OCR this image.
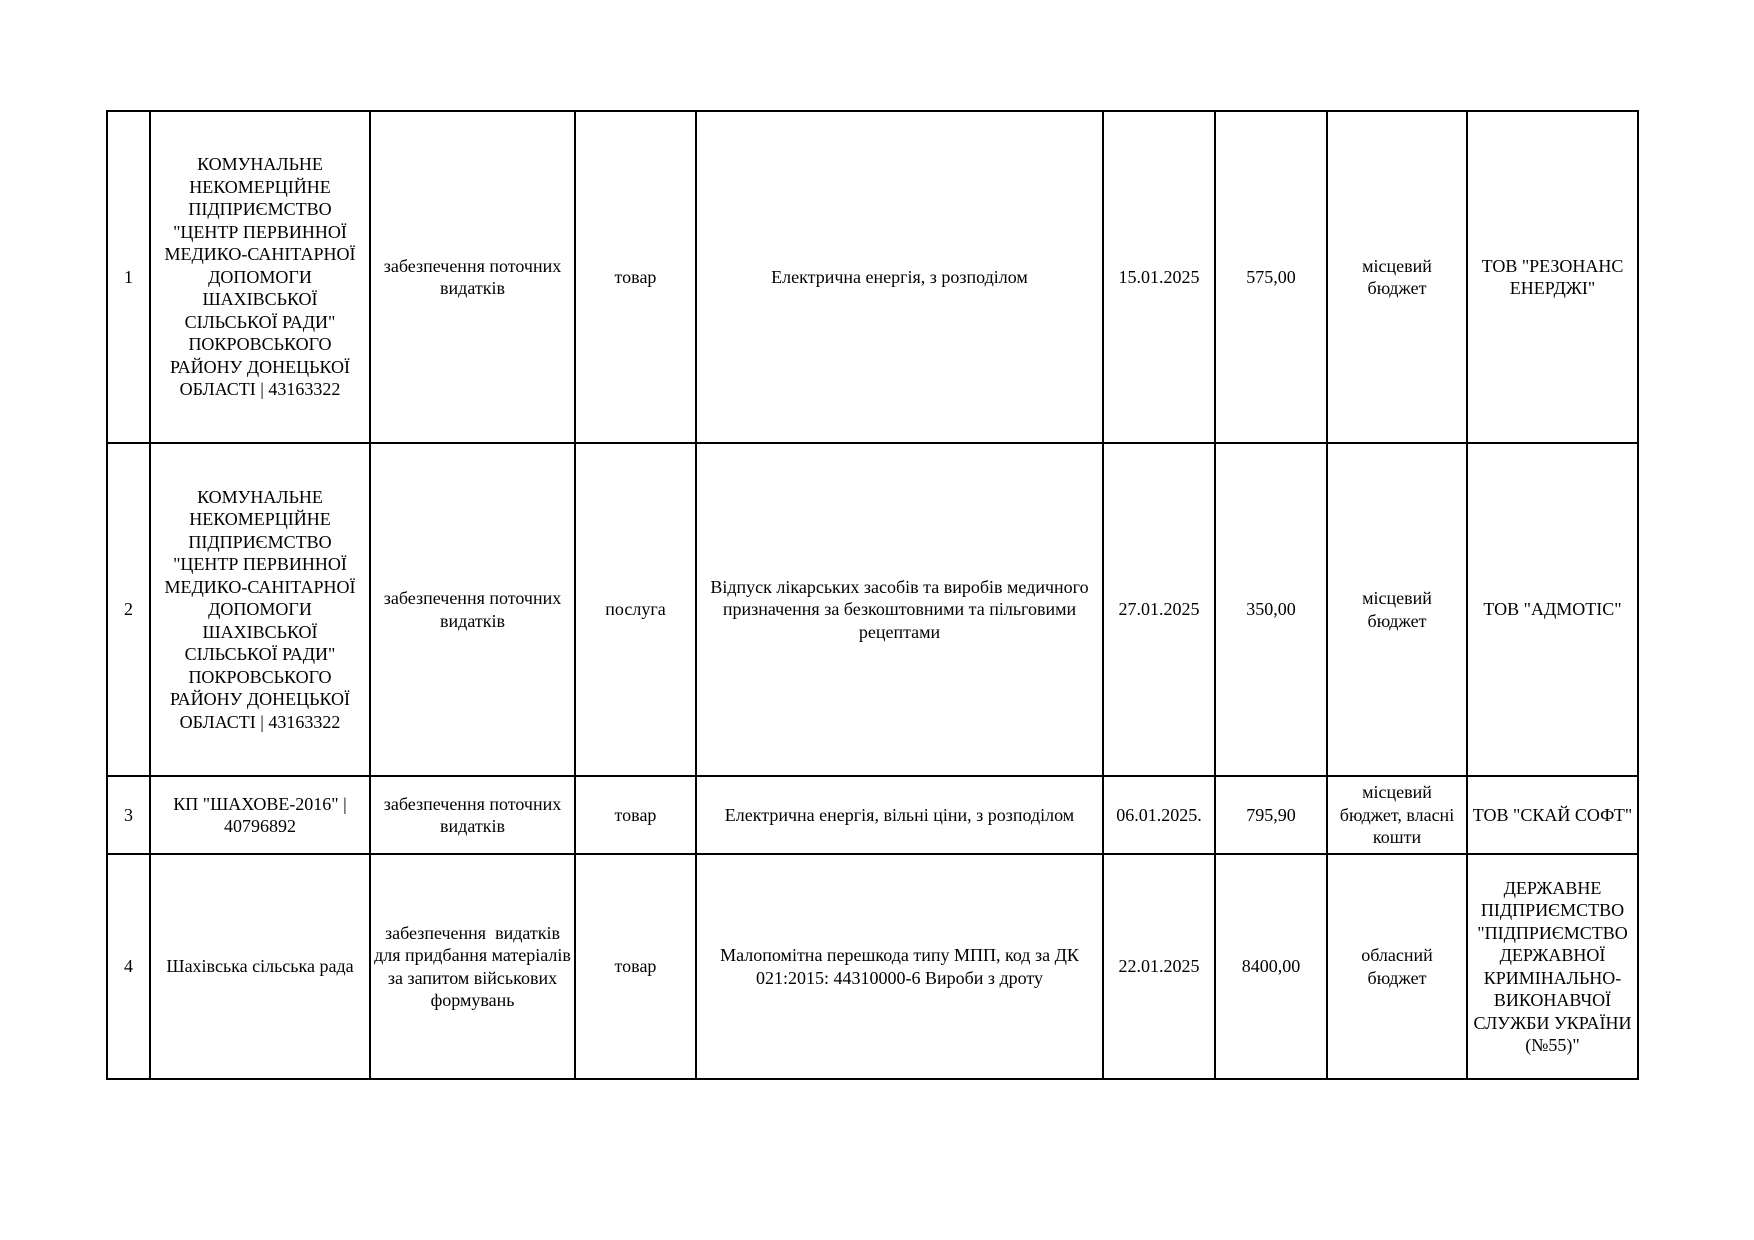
1	КОМУНАЛЬНЕ НЕКОМЕРЦІЙНЕ ПІДПРИЄМСТВО "ЦЕНТР ПЕРВИННОЇ МЕДИКО-САНІТАРНОЇ ДОПОМОГИ ШАХІВСЬКОЇ СІЛЬСЬКОЇ РАДИ" ПОКРОВСЬКОГО РАЙОНУ ДОНЕЦЬКОЇ ОБЛАСТІ | 43163322	забезпечення поточних видатків	товар	Електрична енергія, з розподілом	15.01.2025	575,00	місцевий бюджет	ТОВ "РЕЗОНАНС ЕНЕРДЖІ"
2	КОМУНАЛЬНЕ НЕКОМЕРЦІЙНЕ ПІДПРИЄМСТВО "ЦЕНТР ПЕРВИННОЇ МЕДИКО-САНІТАРНОЇ ДОПОМОГИ ШАХІВСЬКОЇ СІЛЬСЬКОЇ РАДИ" ПОКРОВСЬКОГО РАЙОНУ ДОНЕЦЬКОЇ ОБЛАСТІ | 43163322	забезпечення поточних видатків	послуга	Відпуск лікарських засобів та виробів медичного призначення за безкоштовними та пільговими рецептами	27.01.2025	350,00	місцевий бюджет	ТОВ "АДМОТІС"
3	КП "ШАХОВЕ-2016" | 40796892	забезпечення поточних видатків	товар	Електрична енергія, вільні ціни, з розподілом	06.01.2025.	795,90	місцевий бюджет, власні кошти	ТОВ "СКАЙ СОФТ"
4	Шахівська сільська рада	забезпечення  видатків для придбання матеріалів за запитом військових формувань	товар	Малопомітна перешкода типу МПП, код за ДК 021:2015: 44310000-6 Вироби з дроту	22.01.2025	8400,00	обласний бюджет	ДЕРЖАВНЕ ПІДПРИЄМСТВО "ПІДПРИЄМСТВО ДЕРЖАВНОЇ КРИМІНАЛЬНО-ВИКОНАВЧОЇ СЛУЖБИ УКРАЇНИ (№55)"
